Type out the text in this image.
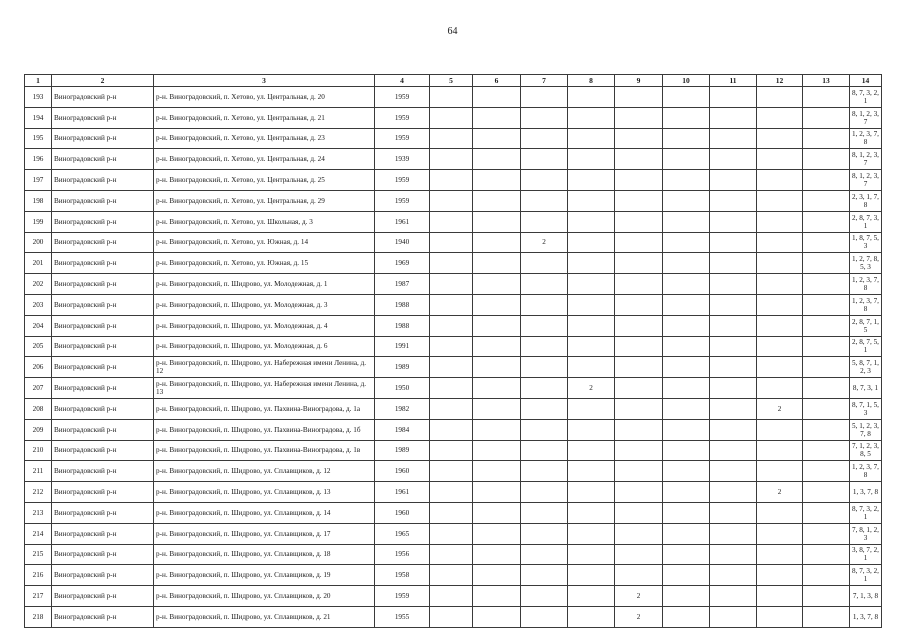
64
1	2	3	4	5	6	7	8	9	10	11	12	13	14
193	Виноградовский р-н	р-н. Виноградовский, п. Хетово, ул. Центральная, д. 20	1959										8, 7, 3, 2, 1
194	Виноградовский р-н	р-н. Виноградовский, п. Хетово, ул. Центральная, д. 21	1959										8, 1, 2, 3, 7
195	Виноградовский р-н	р-н. Виноградовский, п. Хетово, ул. Центральная, д. 23	1959										1, 2, 3, 7, 8
196	Виноградовский р-н	р-н. Виноградовский, п. Хетово, ул. Центральная, д. 24	1939										8, 1, 2, 3, 7
197	Виноградовский р-н	р-н. Виноградовский, п. Хетово, ул. Центральная, д. 25	1959										8, 1, 2, 3, 7
198	Виноградовский р-н	р-н. Виноградовский, п. Хетово, ул. Центральная, д. 29	1959										2, 3, 1, 7, 8
199	Виноградовский р-н	р-н. Виноградовский, п. Хетово, ул. Школьная, д. 3	1961										2, 8, 7, 3, 1
200	Виноградовский р-н	р-н. Виноградовский, п. Хетово, ул. Южная, д. 14	1940			2							1, 8, 7, 5, 3
201	Виноградовский р-н	р-н. Виноградовский, п. Хетово, ул. Южная, д. 15	1969										1, 2, 7, 8, 5, 3
202	Виноградовский р-н	р-н. Виноградовский, п. Шидрово, ул. Молодежная, д. 1	1987										1, 2, 3, 7, 8
203	Виноградовский р-н	р-н. Виноградовский, п. Шидрово, ул. Молодежная, д. 3	1988										1, 2, 3, 7, 8
204	Виноградовский р-н	р-н. Виноградовский, п. Шидрово, ул. Молодежная, д. 4	1988										2, 8, 7, 1, 5
205	Виноградовский р-н	р-н. Виноградовский, п. Шидрово, ул. Молодежная, д. 6	1991										2, 8, 7, 5, 1
206	Виноградовский р-н	р-н. Виноградовский, п. Шидрово, ул. Набережная имени Ленина, д. 12	1989										5, 8, 7, 1, 2, 3
207	Виноградовский р-н	р-н. Виноградовский, п. Шидрово, ул. Набережная имени Ленина, д. 13	1950				2						8, 7, 3, 1
208	Виноградовский р-н	р-н. Виноградовский, п. Шидрово, ул. Пахвина-Виноградова, д. 1а	1982								2		8, 7, 1, 5, 3
209	Виноградовский р-н	р-н. Виноградовский, п. Шидрово, ул. Пахвина-Виноградова, д. 1б	1984										5, 1, 2, 3, 7, 8
210	Виноградовский р-н	р-н. Виноградовский, п. Шидрово, ул. Пахвина-Виноградова, д. 1в	1989										7, 1, 2, 3, 8, 5
211	Виноградовский р-н	р-н. Виноградовский, п. Шидрово, ул. Сплавщиков, д. 12	1960										1, 2, 3, 7, 8
212	Виноградовский р-н	р-н. Виноградовский, п. Шидрово, ул. Сплавщиков, д. 13	1961								2		1, 3, 7, 8
213	Виноградовский р-н	р-н. Виноградовский, п. Шидрово, ул. Сплавщиков, д. 14	1960										8, 7, 3, 2, 1
214	Виноградовский р-н	р-н. Виноградовский, п. Шидрово, ул. Сплавщиков, д. 17	1965										7, 8, 1, 2, 3
215	Виноградовский р-н	р-н. Виноградовский, п. Шидрово, ул. Сплавщиков, д. 18	1956										3, 8, 7, 2, 1
216	Виноградовский р-н	р-н. Виноградовский, п. Шидрово, ул. Сплавщиков, д. 19	1958										8, 7, 3, 2, 1
217	Виноградовский р-н	р-н. Виноградовский, п. Шидрово, ул. Сплавщиков, д. 20	1959					2					7, 1, 3, 8
218	Виноградовский р-н	р-н. Виноградовский, п. Шидрово, ул. Сплавщиков, д. 21	1955					2					1, 3, 7, 8
